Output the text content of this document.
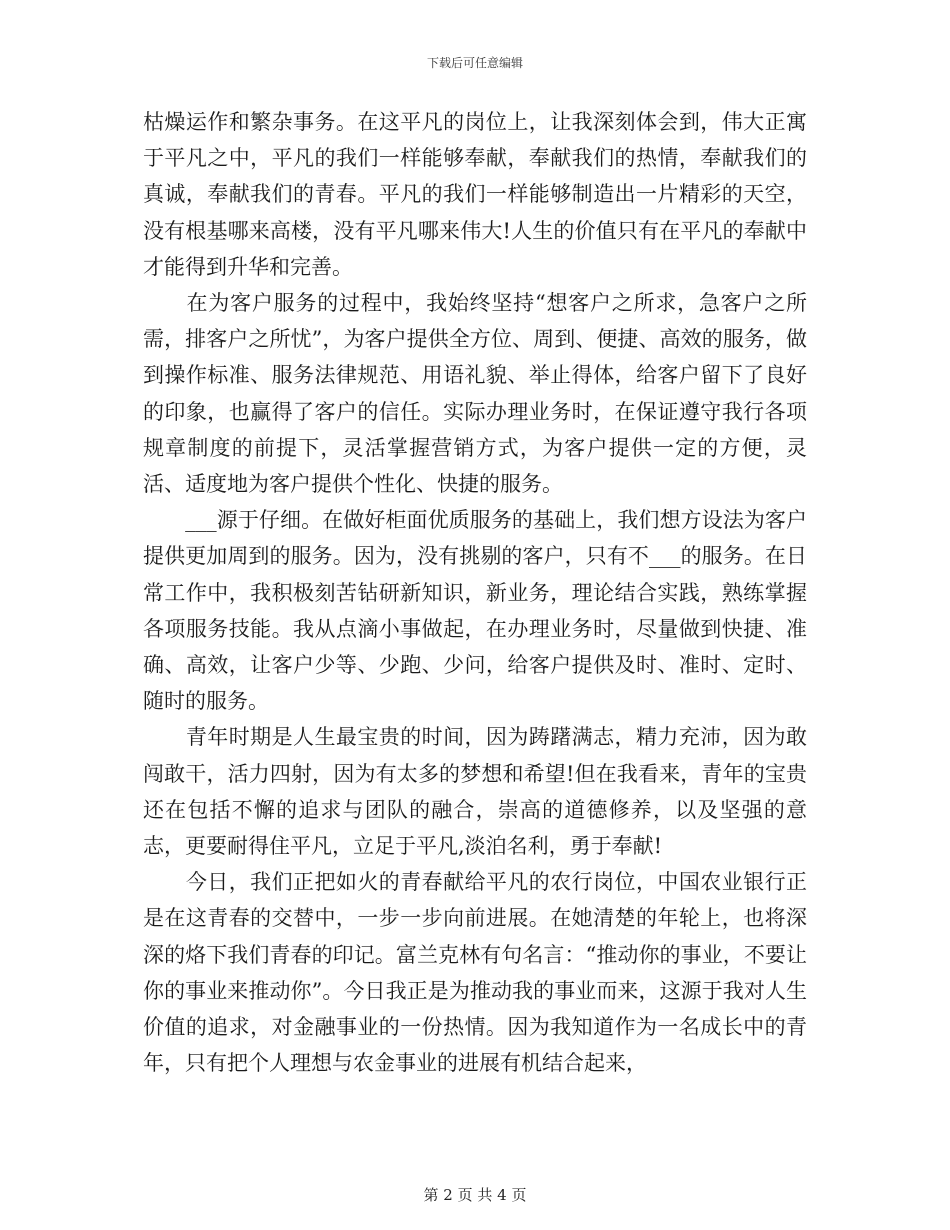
下载后可任意编辑

枯燥运作和繁杂事务。在这平凡的岗位上，让我深刻体会到，伟大正寓于平凡之中，平凡的我们一样能够奉献，奉献我们的热情，奉献我们的真诚，奉献我们的青春。平凡的我们一样能够制造出一片精彩的天空，没有根基哪来高楼，没有平凡哪来伟大!人生的价值只有在平凡的奉献中才能得到升华和完善。

　　在为客户服务的过程中，我始终坚持“想客户之所求，急客户之所需，排客户之所忧”，为客户提供全方位、周到、便捷、高效的服务，做到操作标准、服务法律规范、用语礼貌、举止得体，给客户留下了良好的印象，也赢得了客户的信任。实际办理业务时，在保证遵守我行各项规章制度的前提下，灵活掌握营销方式，为客户提供一定的方便，灵活、适度地为客户提供个性化、快捷的服务。

　　___源于仔细。在做好柜面优质服务的基础上，我们想方设法为客户提供更加周到的服务。因为，没有挑剔的客户，只有不___的服务。在日常工作中，我积极刻苦钻研新知识，新业务，理论结合实践，熟练掌握各项服务技能。我从点滴小事做起，在办理业务时，尽量做到快捷、准确、高效，让客户少等、少跑、少问，给客户提供及时、准时、定时、随时的服务。

　　青年时期是人生最宝贵的时间，因为踌躇满志，精力充沛，因为敢闯敢干，活力四射，因为有太多的梦想和希望!但在我看来，青年的宝贵还在包括不懈的追求与团队的融合，崇高的道德修养，以及坚强的意志，更要耐得住平凡，立足于平凡,淡泊名利，勇于奉献!

　　今日，我们正把如火的青春献给平凡的农行岗位，中国农业银行正是在这青春的交替中，一步一步向前进展。在她清楚的年轮上，也将深深的烙下我们青春的印记。富兰克林有句名言：“推动你的事业，不要让你的事业来推动你”。今日我正是为推动我的事业而来，这源于我对人生价值的追求，对金融事业的一份热情。因为我知道作为一名成长中的青年，只有把个人理想与农金事业的进展有机结合起来，

第 2 页 共 4 页
